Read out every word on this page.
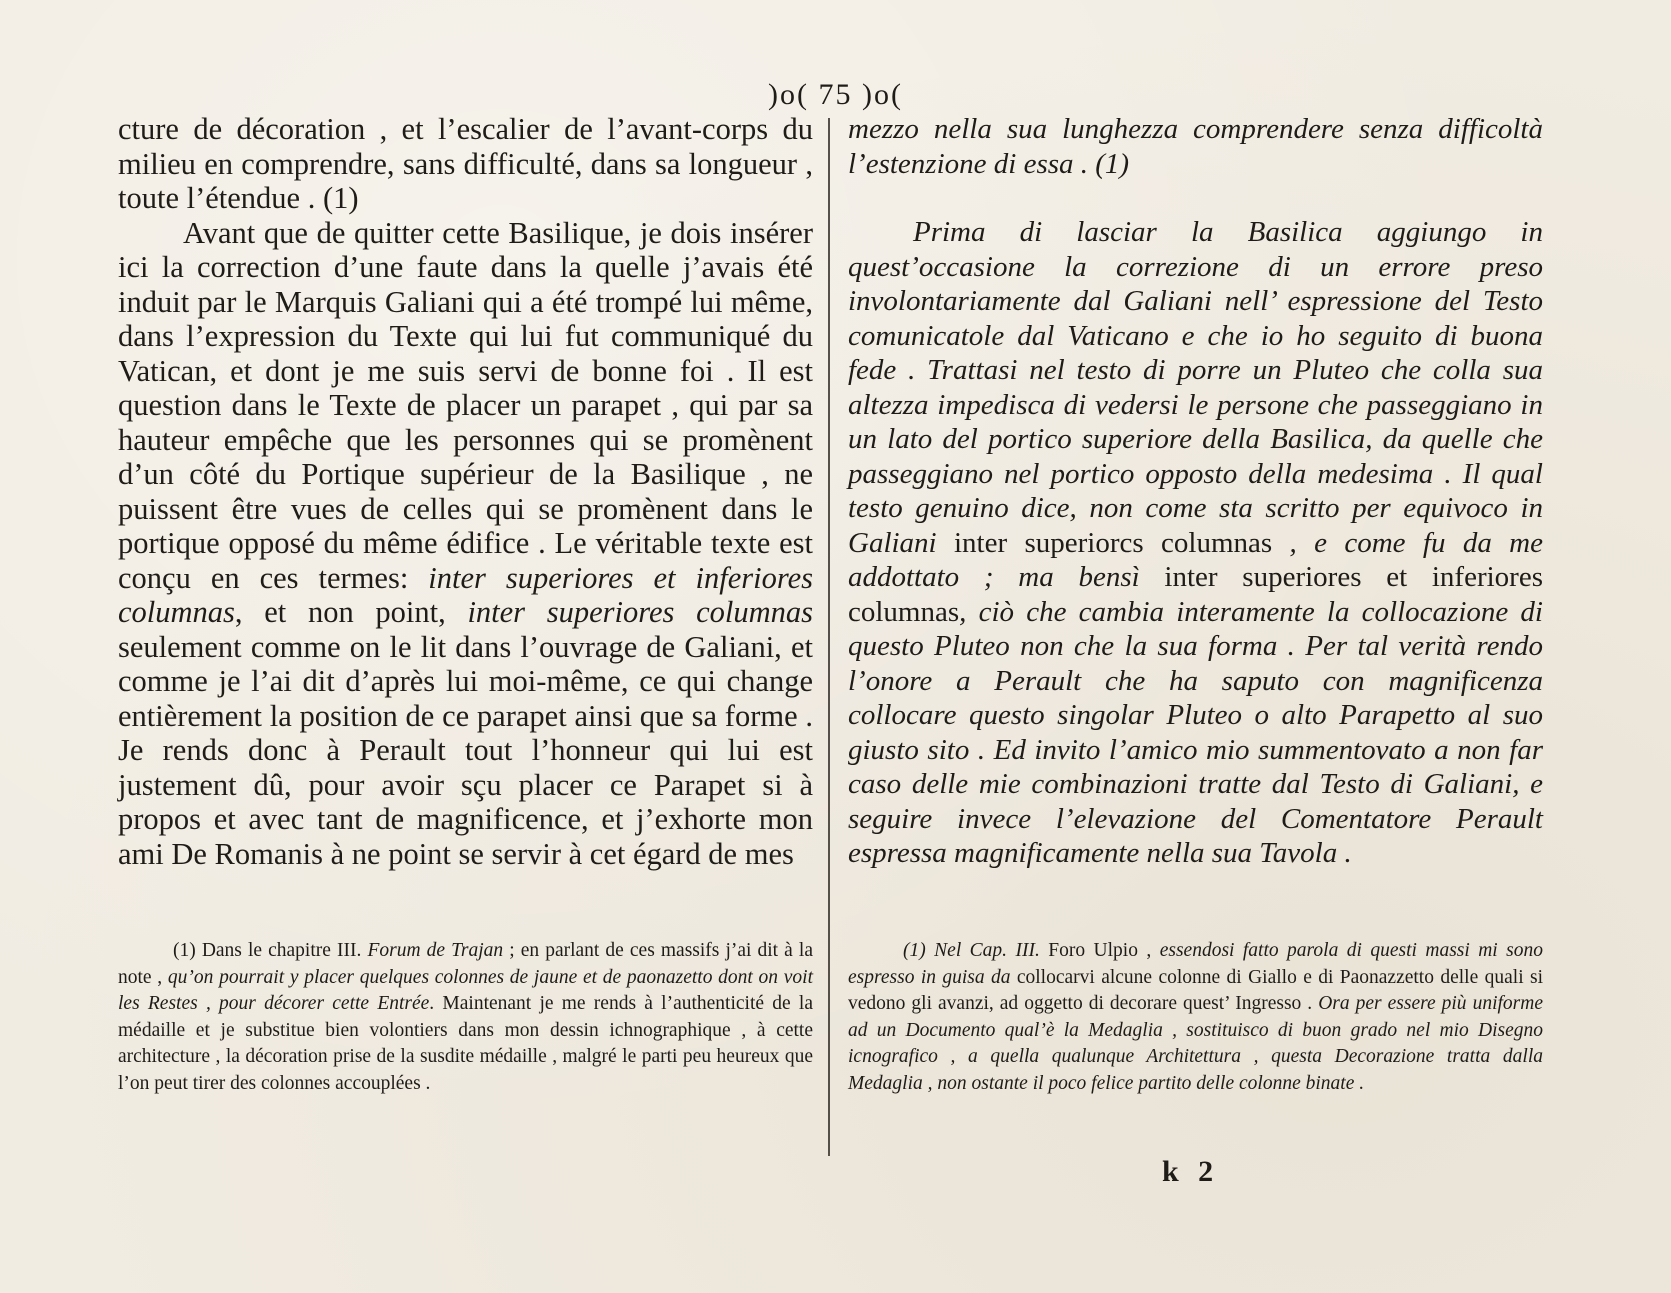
)o( 75 )o(

cture de décoration , et l’escalier de l’avant-corps du milieu en comprendre, sans difficulté, dans sa longueur , toute l’étendue . (1)

Avant que de quitter cette Basilique, je dois insérer ici la correction d’une faute dans la quelle j’avais été induit par le Marquis Galiani qui a été trompé lui même, dans l’expression du Texte qui lui fut communiqué du Vatican, et dont je me suis servi de bonne foi . Il est question dans le Texte de placer un parapet , qui par sa hauteur empêche que les personnes qui se promènent d’un côté du Portique supérieur de la Basilique , ne puissent être vues de celles qui se promènent dans le portique opposé du même édifice . Le véritable texte est conçu en ces termes: inter superiores et inferiores columnas, et non point, inter superiores columnas seulement comme on le lit dans l’ouvrage de Galiani, et comme je l’ai dit d’après lui moi-même, ce qui change entièrement la position de ce parapet ainsi que sa forme . Je rends donc à Perault tout l’honneur qui lui est justement dû, pour avoir sçu placer ce Parapet si à propos et avec tant de magnificence, et j’exhorte mon ami De Romanis à ne point se servir à cet égard de mes

mezzo nella sua lunghezza comprendere senza difficoltà l’estenzione di essa . (1)

Prima di lasciar la Basilica aggiungo in quest’occasione la correzione di un errore preso involontariamente dal Galiani nell’ espressione del Testo comunicatole dal Vaticano e che io ho seguito di buona fede . Trattasi nel testo di porre un Pluteo che colla sua altezza impedisca di vedersi le persone che passeggiano in un lato del portico superiore della Basilica, da quelle che passeggiano nel portico opposto della medesima . Il qual testo genuino dice, non come sta scritto per equivoco in Galiani inter superiorcs columnas , e come fu da me addottato ; ma bensì inter superiores et inferiores columnas, ciò che cambia interamente la collocazione di questo Pluteo non che la sua forma . Per tal verità rendo l’onore a Perault che ha saputo con magnificenza collocare questo singolar Pluteo o alto Parapetto al suo giusto sito . Ed invito l’amico mio summentovato a non far caso delle mie combinazioni tratte dal Testo di Galiani, e seguire invece l’elevazione del Comentatore Perault espressa magnificamente nella sua Tavola .

(1) Dans le chapitre III. Forum de Trajan ; en parlant de ces massifs j’ai dit à la note , qu’on pourrait y placer quelques colonnes de jaune et de paonazetto dont on voit les Restes , pour décorer cette Entrée. Maintenant je me rends à l’authenticité de la médaille et je substitue bien volontiers dans mon dessin ichnographique , à cette architecture , la décoration prise de la susdite médaille , malgré le parti peu heureux que l’on peut tirer des colonnes accouplées .

(1) Nel Cap. III. Foro Ulpio , essendosi fatto parola di questi massi mi sono espresso in guisa da collocarvi alcune colonne di Giallo e di Paonazzetto delle quali si vedono gli avanzi, ad oggetto di decorare quest’ Ingresso . Ora per essere più uniforme ad un Documento qual’è la Medaglia , sostituisco di buon grado nel mio Disegno icnografico , a quella qualunque Architettura , questa Decorazione tratta dalla Medaglia , non ostante il poco felice partito delle colonne binate .

k 2
